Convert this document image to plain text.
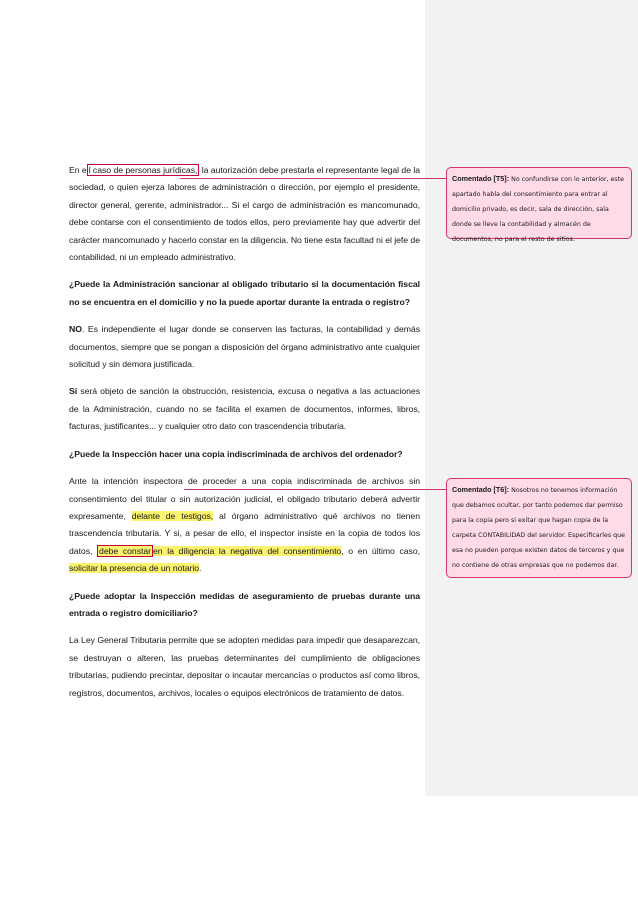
En e l caso de personas jurídicas, la autorización debe prestarla el representante legal de la sociedad, o quien ejerza labores de administración o dirección, por ejemplo el presidente, director general, gerente, administrador... Si el cargo de administración es mancomunado, debe contarse con el consentimiento de todos ellos, pero previamente hay que advertir del carácter mancomunado y hacerlo constar en la diligencia. No tiene esta facultad ni el jefe de contabilidad, ni un empleado administrativo.

¿Puede la Administración sancionar al obligado tributario si la documentación fiscal no se encuentra en el domicilio y no la puede aportar durante la entrada o registro?

NO. Es independiente el lugar donde se conserven las facturas, la contabilidad y demás documentos, siempre que se pongan a disposición del órgano administrativo ante cualquier solicitud y sin demora justificada.

Sí será objeto de sanción la obstrucción, resistencia, excusa o negativa a las actuaciones de la Administración, cuando no se facilita el examen de documentos, informes, libros, facturas, justificantes... y cualquier otro dato con trascendencia tributaria.

¿Puede la Inspección hacer una copia indiscriminada de archivos del ordenador?

Ante la intención inspectora de proceder a una copia indiscriminada de archivos sin consentimiento del titular o sin autorización judicial, el obligado tributario deberá advertir expresamente, delante de testigos, al órgano administrativo qué archivos no tienen trascendencia tributaria. Y si, a pesar de ello, el inspector insiste en la copia de todos los datos, debe constar en la diligencia la negativa del consentimiento, o en último caso, solicitar la presencia de un notario.

¿Puede adoptar la Inspección medidas de aseguramiento de pruebas durante una entrada o registro domiciliario?

La Ley General Tributaria permite que se adopten medidas para impedir que desaparezcan, se destruyan o alteren, las pruebas determinantes del cumplimiento de obligaciones tributarias, pudiendo precintar, depositar o incautar mercancías o productos así como libros, registros, documentos, archivos, locales o equipos electrónicos de tratamiento de datos.

Comentado [T5]: No confundirse con lo anterior, este apartado habla del consentimiento para entrar al domicilio privado, es decir, sala de dirección, sala donde se lleve la contabilidad y almacén de documentos, no para el resto de sitios.
Comentado [T6]: Nosotros no tenemos información que debamos ocultar, por tanto podemos dar permiso para la copia pero si exitar que hagan copia de la carpeta CONTABILIDAD del servidor. Especificarles que esa no pueden porque existen datos de terceros y que no contiene de otras empresas que no podemos dar.
